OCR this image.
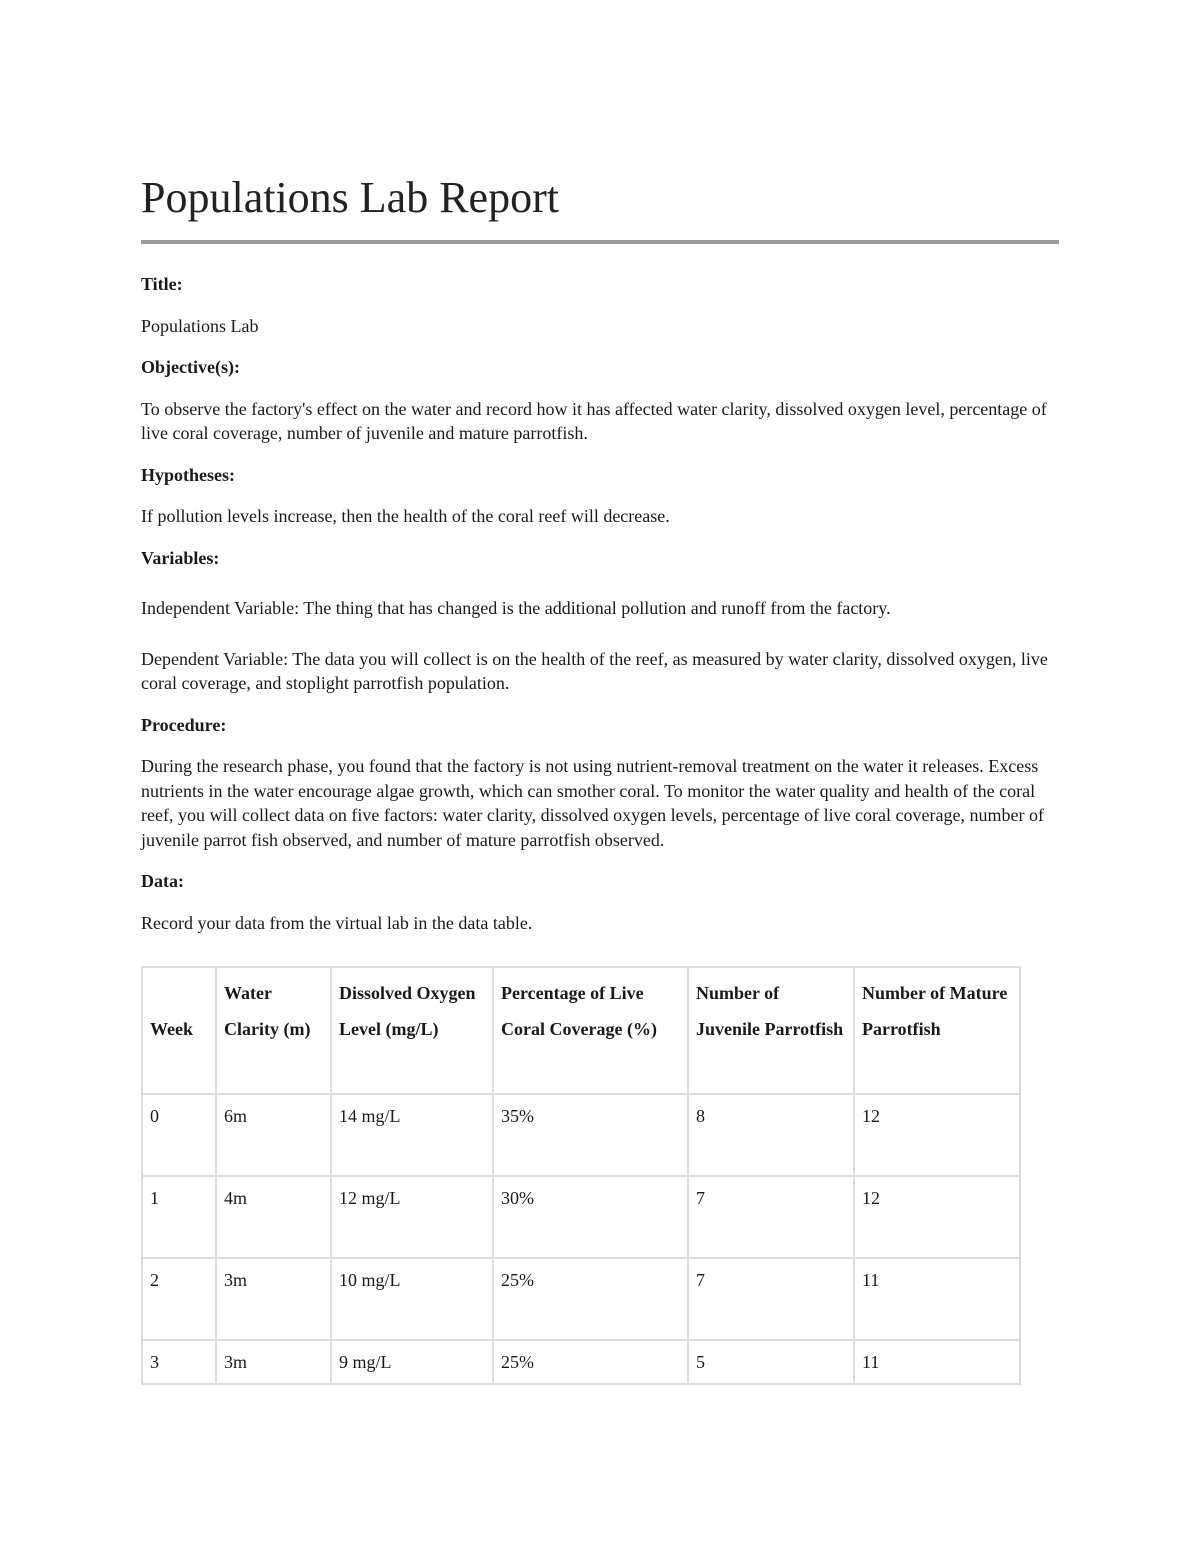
Populations Lab Report

Title:

Populations Lab

Objective(s):

To observe the factory's effect on the water and record how it has affected water clarity, dissolved oxygen level, percentage of live coral coverage, number of juvenile and mature parrotfish.

Hypotheses:

If pollution levels increase, then the health of the coral reef will decrease.

Variables:

Independent Variable: The thing that has changed is the additional pollution and runoff from the factory.

Dependent Variable: The data you will collect is on the health of the reef, as measured by water clarity, dissolved oxygen, live coral coverage, and stoplight parrotfish population.

Procedure:

During the research phase, you found that the factory is not using nutrient-removal treatment on the water it releases. Excess nutrients in the water encourage algae growth, which can smother coral. To monitor the water quality and health of the coral reef, you will collect data on five factors: water clarity, dissolved oxygen levels, percentage of live coral coverage, number of juvenile parrot fish observed, and number of mature parrotfish observed.

Data:

Record your data from the virtual lab in the data table.

Week	Water Clarity (m)	Dissolved Oxygen Level (mg/L)	Percentage of Live Coral Coverage (%)	Number of Juvenile Parrotfish	Number of Mature Parrotfish
0	6m	14 mg/L	35%	8	12
1	4m	12 mg/L	30%	7	12
2	3m	10 mg/L	25%	7	11
3	3m	9 mg/L	25%	5	11
